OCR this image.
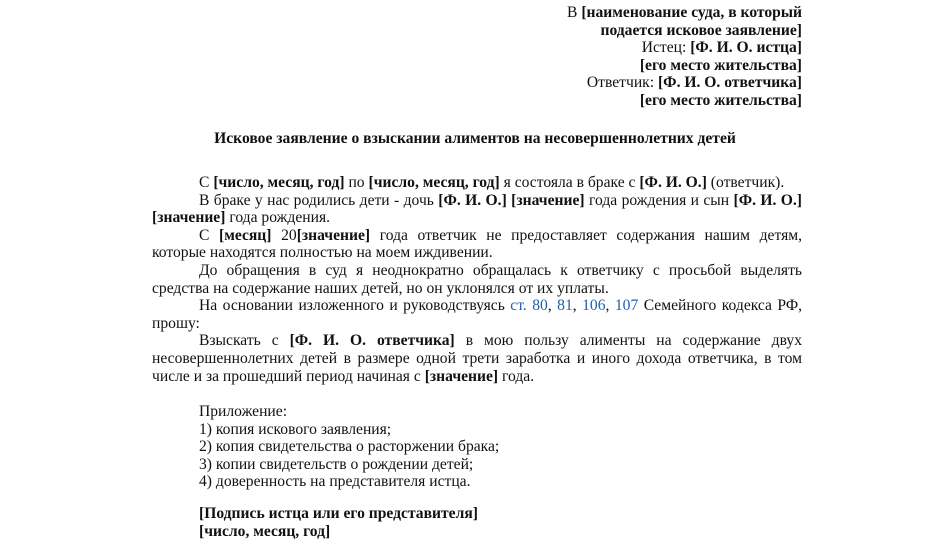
В [наименование суда, в который
подается исковое заявление]
Истец: [Ф. И. О. истца]
[его место жительства]
Ответчик: [Ф. И. О. ответчика]
[его место жительства]
Исковое заявление о взыскании алиментов на несовершеннолетних детей
С [число, месяц, год] по [число, месяц, год] я состояла в браке с [Ф. И. О.] (ответчик).
В браке у нас родились дети - дочь [Ф. И. О.] [значение] года рождения и сын [Ф. И. О.] [значение] года рождения.
С [месяц] 20[значение] года ответчик не предоставляет содержания нашим детям, которые находятся полностью на моем иждивении.
До обращения в суд я неоднократно обращалась к ответчику с просьбой выделять средства на содержание наших детей, но он уклонялся от их уплаты.
На основании изложенного и руководствуясь ст. 80, 81, 106, 107 Семейного кодекса РФ, прошу:
Взыскать с [Ф. И. О. ответчика] в мою пользу алименты на содержание двух несовершеннолетних детей в размере одной трети заработка и иного дохода ответчика, в том числе и за прошедший период начиная с [значение] года.
Приложение:
1) копия искового заявления;
2) копия свидетельства о расторжении брака;
3) копии свидетельств о рождении детей;
4) доверенность на представителя истца.
[Подпись истца или его представителя]
[число, месяц, год]
